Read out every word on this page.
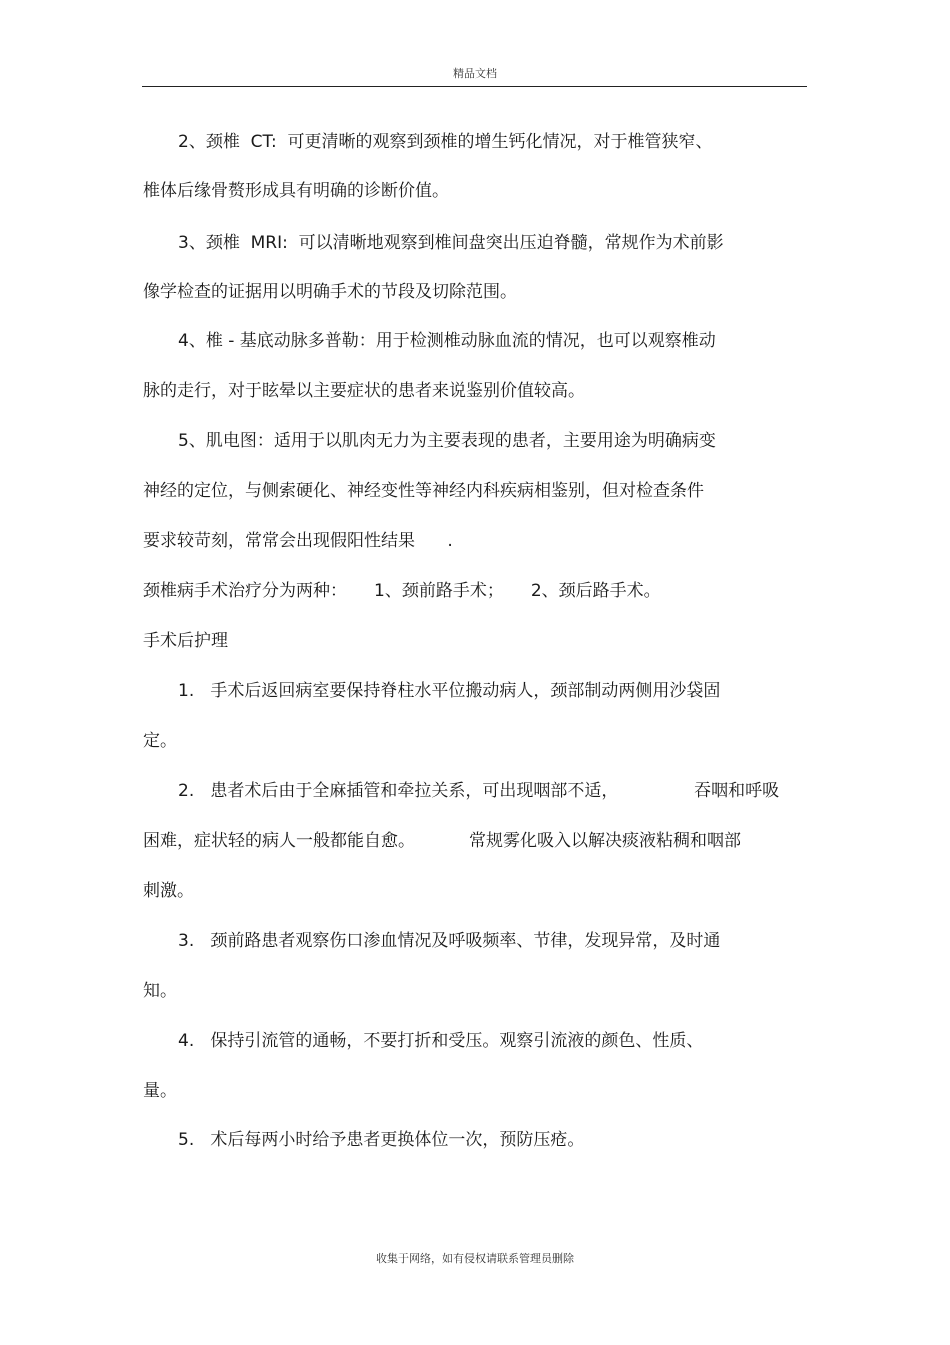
精品文档
2、颈椎  CT:  可更清晰的观察到颈椎的增生钙化情况，对于椎管狭窄、
椎体后缘骨赘形成具有明确的诊断价值。
3、颈椎  MRI:  可以清晰地观察到椎间盘突出压迫脊髓，常规作为术前影
像学检查的证据用以明确手术的节段及切除范围。
4、椎 - 基底动脉多普勒：用于检测椎动脉血流的情况，也可以观察椎动
脉的走行，对于眩晕以主要症状的患者来说鉴别价值较高。
5、肌电图：适用于以肌肉无力为主要表现的患者，主要用途为明确病变
神经的定位，与侧索硬化、神经变性等神经内科疾病相鉴别，但对检查条件
要求较苛刻，常常会出现假阳性结果      .
颈椎病手术治疗分为两种：     1、颈前路手术；     2、颈后路手术。
手术后护理
1.   手术后返回病室要保持脊柱水平位搬动病人，颈部制动两侧用沙袋固
定。
2.   患者术后由于全麻插管和牵拉关系，可出现咽部不适，              吞咽和呼吸
困难，症状轻的病人一般都能自愈。          常规雾化吸入以解决痰液粘稠和咽部
刺激。
3.   颈前路患者观察伤口渗血情况及呼吸频率、节律，发现异常，及时通
知。
4.   保持引流管的通畅，不要打折和受压。观察引流液的颜色、性质、
量。
5.   术后每两小时给予患者更换体位一次，预防压疮。
收集于网络，如有侵权请联系管理员删除
